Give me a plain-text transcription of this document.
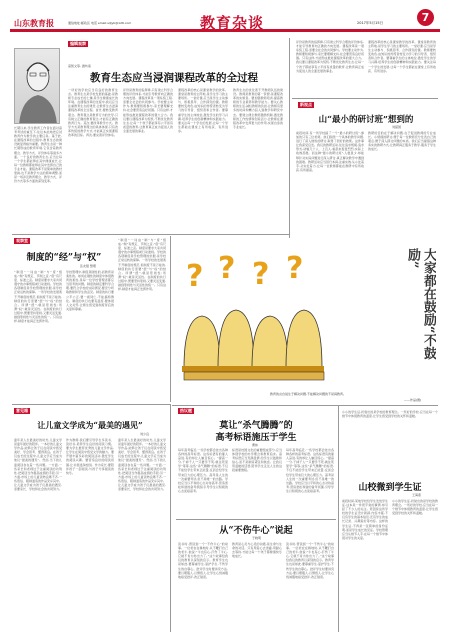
山东教育报	通信地址:邮政区 电话 email:sdjyb@126.com	教育杂谈	2017年5月15日	7
编辑观察
高凯文等, 潍坊南
教育生态应当浸润课程改革的全过程
长期以来,学生教育工作者在面对高考考试的重压下,往往本能地把应试教育作为教学的主要任务。基于此,在课程改革的过程中,教育生态的建设就显得格外重要。教育生态是一种长期形成的教育环境,它包含着教育理念、教学方式、评价体系等诸多方面。一个良好的教育生态,应当让每一个学生都能够在其中健康成长,让每一位教师都能够在其中发挥自己的专业才能。课程改革不是简单的教材更换,也不是教学方法的简单调整,而是一场涉及教育理念、教学方式、评价方式等多方面的深刻变革。
一所好的学校应当有良好的教育生态。教育生态是学校发展的基础,是教师专业成长的土壤,是学生健康成长的环境。在课程改革的过程中,我们应当注重教育生态的建设,让教育生态浸润课程改革的全过程。首先,要转变教育观念。教育观念是教育行为的先导,只有树立正确的教育观念,才能有正确的教育行为。其次,要改革教学方式。教学方式是教育理念的具体体现,只有改革传统的教学方式,才能真正实现课程改革的目标。再次,要完善评价体系。
评价是教育的指挥棒,只有建立科学合理的评价体系,才能引导教育向正确的方向发展。课程改革是一项系统工程,需要全社会的共同参与。学校要主动作为,教师要积极参与,家长要理解支持,社会要营造良好氛围。只有这样,才能形成推进课程改革的强大合力。我们要以课程改革为契机,不断优化教育生态,让每一个孩子都能享有公平而有质量的教育,让教育真正成为促进人的全面发展的事业。
课程改革的核心是课堂教学的改革。课堂是教育的主阵地,是学生学习的主要场所。一堂好课,应当是学生主动参与、积极思考、合作探究的课。教师要转变角色,由知识的传授者转变为学习的引导者、组织者和合作者。要尊重学生的主体地位,激发学生的学习兴趣,培养学生的创新精神和实践能力。要关注每一个学生的发展,让每一个学生都能在课堂上有所收获、有所进步。
教育生态的优化离不开教师队伍的建设。教师是教育的第一资源,是课程改革的实施者。要加强教师培训,提高教师的专业素养和教学能力。要关心教师的生活,减轻教师的负担,让教师有更多的时间和精力投入到教学和研究中去。要建立健全教师激励机制,激发教师的工作热情和创造活力,让教师在课程改革中发挥更大的作用,实现自身的专业成长。
评价是教育的指挥棒,只有建立科学合理的评价体系,才能引导教育向正确的方向发展。课程改革是一项系统工程,需要全社会的共同参与。学校要主动作为,教师要积极参与,家长要理解支持,社会要营造良好氛围。只有这样,才能形成推进课程改革的强大合力。我们要以课程改革为契机,不断优化教育生态,让每一个孩子都能享有公平而有质量的教育,让教育真正成为促进人的全面发展的事业。
课程改革的核心是课堂教学的改革。课堂是教育的主阵地,是学生学习的主要场所。一堂好课,应当是学生主动参与、积极思考、合作探究的课。教师要转变角色,由知识的传授者转变为学习的引导者、组织者和合作者。要尊重学生的主体地位,激发学生的学习兴趣,培养学生的创新精神和实践能力。要关注每一个学生的发展,让每一个学生都能在课堂上有所收获、有所进步。
新视点
山“最小的研讨班”想到的
刘富国
前段时间,有一所学校搞了一个“最小的研讨班”,参加的只有三位老师。他们围绕一个具体的教学问题,进行了深入细致的研讨,取得了很好的效果。这件事让我深受启发。我们的教研活动,往往追求规模,追求形式,动辄几十人、上百人,看起来轰轰烈烈,实际上收效甚微。而这种“最小的研讨班”,人数虽少,却能够针对实际问题进行深入研讨,真正解决教学中遇到的困难。教研活动应当回归本真,注重实效,从小处着手,从实处着力,让每一位教师都能在教研中有所收获,有所提高。
教研的目的在于解决问题,在于促进教师的专业成长。小规模的研讨,便于每一位教师充分发表自己的观点,便于深入探讨问题的本质。我们应当提倡这种务实的教研方式,让教研真正服务于教学,服务于学生的成长。
观察室
制度的“经”与“权”
张友强 整理
“制度”一词由“制”与“度”组成,“制”有规定、节制之意,“度”有尺度、标准之意。制度是要求大家共同遵守的办事规程或行动准则。学校的各项制度是学校管理的依据,是学校正常运转的保障。一所学校的发展离不开制度的规范,但制度不是万能的,制度的执行需要“经”与“权”的结合。所谓“经”,就是原则性;所谓“权”,就是灵活性。在制度的执行过程中,既要坚持原则,又要灵活变通,做到原则性与灵活性的统一。只有这样,制度才能真正发挥作用。
学校管理中,制度是刚性的,而教育是柔性的。如何在刚性的制度中体现教育的柔性,是每一位学校管理者都应当思考的问题。制度的制定要科学合理,要符合学校的实际情况,要充分听取教师和学生的意见。制度的执行要公平公正,要一视同仁,不能搞特殊化。制度的执行也要有温度,要体现人文关怀,让师生感受到制度背后的关爱和尊重。
“制度”一词由“制”与“度”组成,“制”有规定、节制之意,“度”有尺度、标准之意。制度是要求大家共同遵守的办事规程或行动准则。学校的各项制度是学校管理的依据,是学校正常运转的保障。一所学校的发展离不开制度的规范,但制度不是万能的,制度的执行需要“经”与“权”的结合。所谓“经”,就是原则性;所谓“权”,就是灵活性。在制度的执行过程中,既要坚持原则,又要灵活变通,做到原则性与灵活性的统一。只有这样,制度才能真正发挥作用。	? ? ? ?	大家都在鼓励“不鼓励”
教育的言自说生于解决问题,不能解决问题的不是真教育。
——作品(图)
意见箱
让儿童文学成为“最美的遇见”
刘少良
童年是人生最美好的时光,儿童文学是童年最好的陪伴。一本好的儿童文学作品,能够让孩子们在阅读中感受美好、学会思考、懂得善良。在孩子们成长的过程中,儿童文学应当成为他们“最美的遇见”。然而,当下的儿童阅读存在着一些问题。一方面,一些家长和老师过于注重阅读的功利性,把阅读当作提高成绩的手段;另一方面,市场上的儿童读物良莠不齐,一些低俗、粗制滥造的作品充斥其中。让儿童文学成为孩子们最美的遇见,需要家长、学校和社会的共同努力。
作为教师,我们要引导学生多读书、读好书,培养学生良好的阅读习惯。要为学生推荐优秀的儿童文学作品,让学生在阅读中感受文学的魅力。要开展丰富多彩的阅读活动,激发学生的阅读兴趣。要营造良好的阅读氛围,让书香浸润校园。作为家长,要陪伴孩子一起阅读,与孩子分享阅读的快乐。
童年是人生最美好的时光,儿童文学是童年最好的陪伴。一本好的儿童文学作品,能够让孩子们在阅读中感受美好、学会思考、懂得善良。在孩子们成长的过程中,儿童文学应当成为他们“最美的遇见”。然而,当下的儿童阅读存在着一些问题。一方面,一些家长和老师过于注重阅读的功利性,把阅读当作提高成绩的手段;另一方面,市场上的儿童读物良莠不齐,一些低俗、粗制滥造的作品充斥其中。让儿童文学成为孩子们最美的遇见,需要家长、学校和社会的共同努力。
热议题
莫让“杀气腾腾”的
高考标语施压于学生
曹炜
每年高考临近,一些学校都会挂出各种各样的高考标语。这些标语有的催人奋进,有的却让人触目惊心。“提高一分,干掉千人”“只要学不死,就往死里学”等等,这些“杀气腾腾”的标语,不仅不能给学生带来正能量,反而会给学生带来巨大的心理压力。高考是人生的一次重要考试,但不是唯一的出路。学校应当以平和的心态对待高考,营造宽松和谐的备考氛围,引导学生以积极的心态迎接高考。
标语是校园文化的重要组成部分,应当体现学校的办学理念和教育追求。高考标语应当充满温情,给学生以鼓励和信心,而不是制造紧张和焦虑。让我们用温暖的话语,陪伴学生走过人生的这段重要旅程。
每年高考临近,一些学校都会挂出各种各样的高考标语。这些标语有的催人奋进,有的却让人触目惊心。“提高一分,干掉千人”“只要学不死,就往死里学”等等,这些“杀气腾腾”的标语,不仅不能给学生带来正能量,反而会给学生带来巨大的心理压力。高考是人生的一次重要考试,但不是唯一的出路。学校应当以平和的心态对待高考,营造宽松和谐的备考氛围,引导学生以积极的心态迎接高考。
从“不伤牛心”说起
于晓明
读书时,曾读到一个“不伤牛心”的故事。一位老农在耕地时,从不鞭打自己的老牛,他说:“牛也有心,打伤了牛心,它就不肯为你出力了。”这个故事给我们的教育以深刻的启示。教育学生也是如此,要尊重学生,爱护学生,不伤学生的自尊心。批评学生时要讲究方法,要以理服人,以情感人,让学生心悦诚服地接受批评,改正错误。
教育是心灵与心灵的沟通,是生命与生命的对话。只有用爱心去浇灌,用耐心去等待,才能让每一个孩子都健康快乐地成长。
读书时,曾读到一个“不伤牛心”的故事。一位老农在耕地时,从不鞭打自己的老牛,他说:“牛也有心,打伤了牛心,它就不肯为你出力了。”这个故事给我们的教育以深刻的启示。教育学生也是如此,要尊重学生,爱护学生,不伤学生的自尊心。批评学生时要讲究方法,要以理服人,以情感人,让学生心悦诚服地接受批评,改正错误。
小小的学生证,折射出的是学校的教育理念。一所好的学校,应当在每一个细节中体现教育的温度,让学生感受到学校的关怀和温暖。
山校微到学生证
王海燕
前段时间,某地学校给学生发放学生证,这本是一件很平常的事情,却引起了不少人的关注。原因是这所学校的学生证设计新颖,内容丰富,不仅有学生的基本信息,还有学生的成长记录、兴趣爱好等内容。这样的学生证,不再是一张简单的身份证明,而是学生成长的见证。学校管理应当从细节入手,在每一个细节中体现对学生的关爱。
小小的学生证,折射出的是学校的教育理念。一所好的学校,应当在每一个细节中体现教育的温度,让学生感受到学校的关怀和温暖。
